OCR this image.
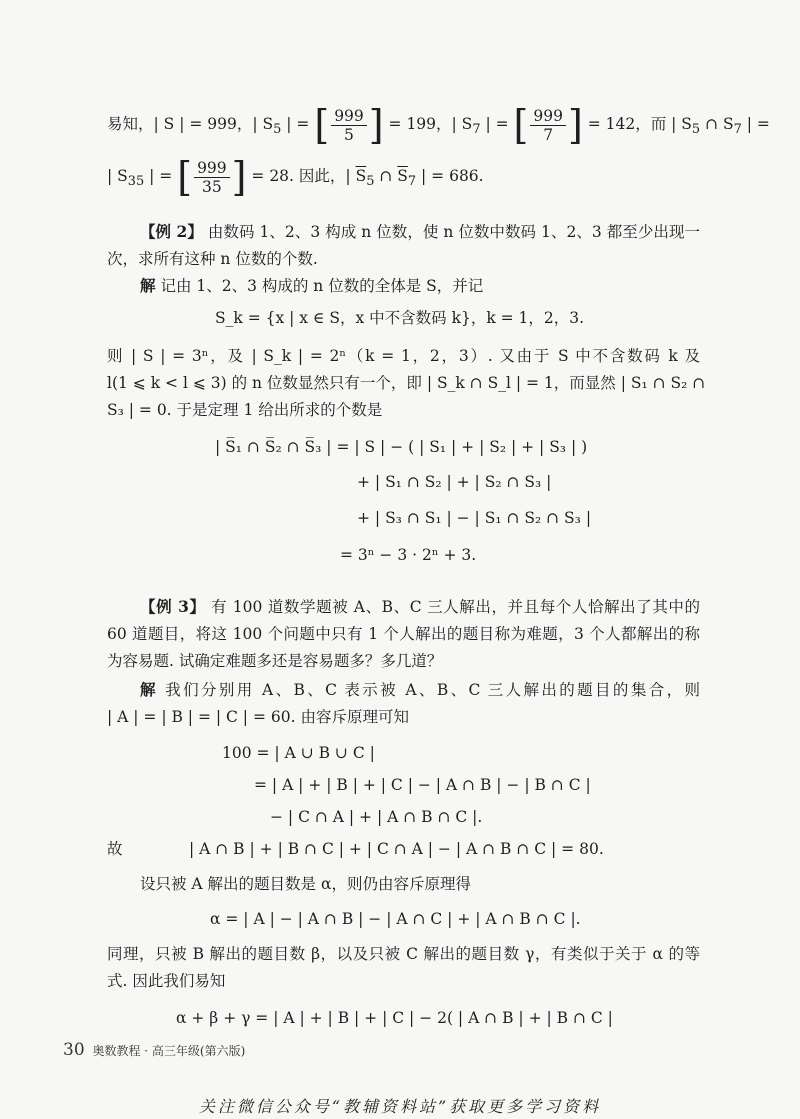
易知，| S | = 999，| $S_5$ | = [ $\frac{999}{5}$ ] = 199，| $S_7$ | = [ $\frac{999}{7}$ ] = 142，而 | $S_5$ ∩ $S_7$ | =
| $S_{35}$ | = [ $\frac{999}{35}$ ] = 28. 因此，| $\overline{S}_5$ ∩ $\overline{S}_7$ | = 686.
【例 2】 由数码 1、2、3 构成 n 位数，使 n 位数中数码 1、2、3 都至少出现一
次，求所有这种 n 位数的个数.
解 记由 1、2、3 构成的 n 位数的全体是 S，并记
S_k = {x | x ∈ S，x 中不含数码 k}，k = 1，2，3.
则 | S | = 3ⁿ，及 | S_k | = 2ⁿ（k = 1，2，3）. 又由于 S 中不含数码 k 及
l(1 ⩽ k < l ⩽ 3) 的 n 位数显然只有一个，即 | S_k ∩ S_l | = 1，而显然 | S₁ ∩ S₂ ∩
S₃ | = 0. 于是定理 1 给出所求的个数是
| S̅₁ ∩ S̅₂ ∩ S̅₃ | = | S | − ( | S₁ | + | S₂ | + | S₃ | )
+ | S₁ ∩ S₂ | + | S₂ ∩ S₃ |
+ | S₃ ∩ S₁ | − | S₁ ∩ S₂ ∩ S₃ |
= 3ⁿ − 3 · 2ⁿ + 3.
【例 3】 有 100 道数学题被 A、B、C 三人解出，并且每个人恰解出了其中的
60 道题目，将这 100 个问题中只有 1 个人解出的题目称为难题，3 个人都解出的称
为容易题. 试确定难题多还是容易题多？多几道？
解 我们分别用 A、B、C 表示被 A、B、C 三人解出的题目的集合，则
| A | = | B | = | C | = 60. 由容斥原理可知
100 = | A ∪ B ∪ C |
= | A | + | B | + | C | − | A ∩ B | − | B ∩ C |
− | C ∩ A | + | A ∩ B ∩ C |.
故	| A ∩ B | + | B ∩ C | + | C ∩ A | − | A ∩ B ∩ C | = 80.
设只被 A 解出的题目数是 α，则仍由容斥原理得
α = | A | − | A ∩ B | − | A ∩ C | + | A ∩ B ∩ C |.
同理，只被 B 解出的题目数 β，以及只被 C 解出的题目数 γ，有类似于关于 α 的等
式. 因此我们易知
α + β + γ = | A | + | B | + | C | − 2( | A ∩ B | + | B ∩ C |
30 奥数教程 · 高三年级(第六版)
关注微信公众号“教辅资料站”获取更多学习资料
